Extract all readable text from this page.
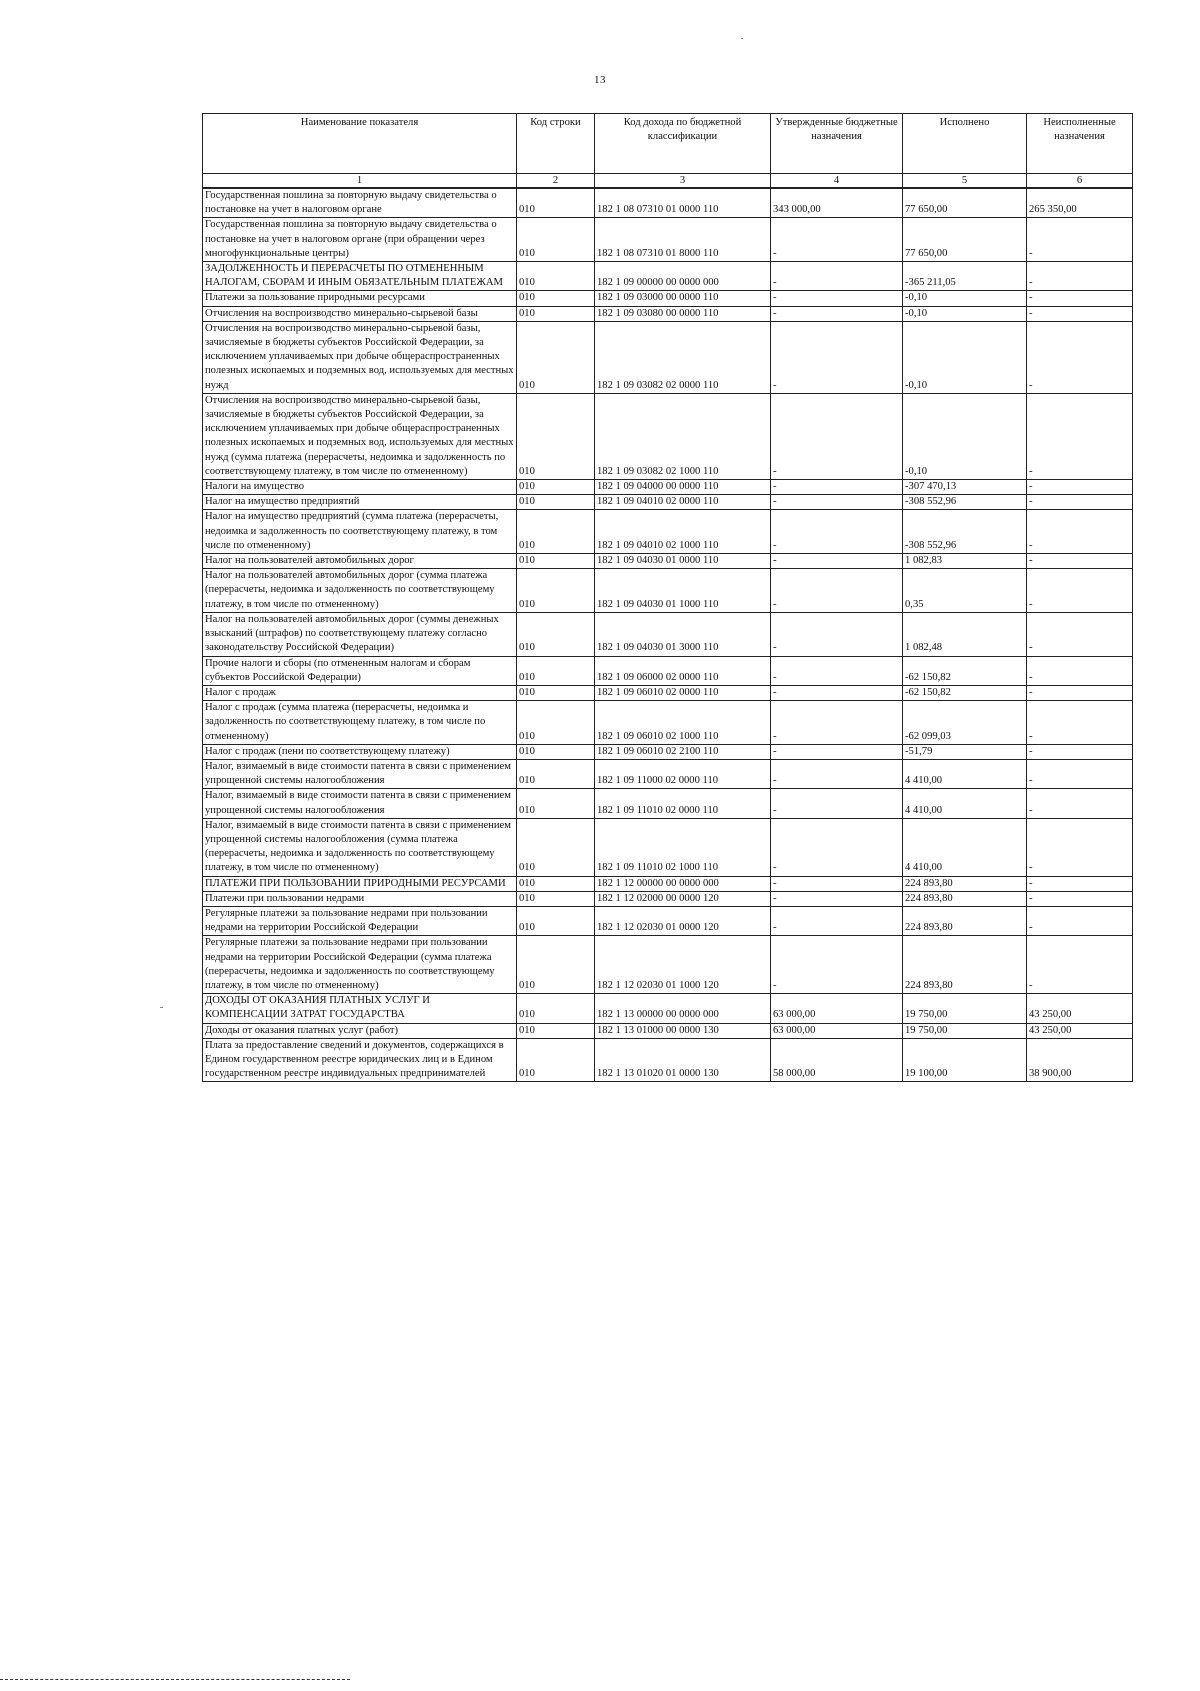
13
Наименование показателя	Код строки	Код дохода по бюджетной классификации	Утвержденные бюджетные назначения	Исполнено	Неисполненные назначения
1	2	3	4	5	6
Государственная пошлина за повторную выдачу свидетельства о постановке на учет в налоговом органе	010	182 1 08 07310 01 0000 110	343 000,00	77 650,00	265 350,00
Государственная пошлина за повторную выдачу свидетельства о постановке на учет в налоговом органе (при обращении через многофункциональные центры)	010	182 1 08 07310 01 8000 110	-	77 650,00	-
ЗАДОЛЖЕННОСТЬ И ПЕРЕРАСЧЕТЫ ПО ОТМЕНЕННЫМ НАЛОГАМ, СБОРАМ И ИНЫМ ОБЯЗАТЕЛЬНЫМ ПЛАТЕЖАМ	010	182 1 09 00000 00 0000 000	-	-365 211,05	-
Платежи за пользование природными ресурсами	010	182 1 09 03000 00 0000 110	-	-0,10	-
Отчисления на воспроизводство минерально-сырьевой базы	010	182 1 09 03080 00 0000 110	-	-0,10	-
Отчисления на воспроизводство минерально-сырьевой базы, зачисляемые в бюджеты субъектов Российской Федерации, за исключением уплачиваемых при добыче общераспространенных полезных ископаемых и подземных вод, используемых для местных нужд	010	182 1 09 03082 02 0000 110	-	-0,10	-
Отчисления на воспроизводство минерально-сырьевой базы, зачисляемые в бюджеты субъектов Российской Федерации, за исключением уплачиваемых при добыче общераспространенных полезных ископаемых и подземных вод, используемых для местных нужд (сумма платежа (перерасчеты, недоимка и задолженность по соответствующему платежу, в том числе по отмененному)	010	182 1 09 03082 02 1000 110	-	-0,10	-
Налоги на имущество	010	182 1 09 04000 00 0000 110	-	-307 470,13	-
Налог на имущество предприятий	010	182 1 09 04010 02 0000 110	-	-308 552,96	-
Налог на имущество предприятий (сумма платежа (перерасчеты, недоимка и задолженность по соответствующему платежу, в том числе по отмененному)	010	182 1 09 04010 02 1000 110	-	-308 552,96	-
Налог на пользователей автомобильных дорог	010	182 1 09 04030 01 0000 110	-	1 082,83	-
Налог на пользователей автомобильных дорог (сумма платежа (перерасчеты, недоимка и задолженность по соответствующему платежу, в том числе по отмененному)	010	182 1 09 04030 01 1000 110	-	0,35	-
Налог на пользователей автомобильных дорог (суммы денежных взысканий (штрафов) по соответствующему платежу согласно законодательству Российской Федерации)	010	182 1 09 04030 01 3000 110	-	1 082,48	-
Прочие налоги и сборы (по отмененным налогам и сборам субъектов Российской Федерации)	010	182 1 09 06000 02 0000 110	-	-62 150,82	-
Налог с продаж	010	182 1 09 06010 02 0000 110	-	-62 150,82	-
Налог с продаж (сумма платежа (перерасчеты, недоимка и задолженность по соответствующему платежу, в том числе по отмененному)	010	182 1 09 06010 02 1000 110	-	-62 099,03	-
Налог с продаж (пени по соответствующему платежу)	010	182 1 09 06010 02 2100 110	-	-51,79	-
Налог, взимаемый в виде стоимости патента в связи с применением упрощенной системы налогообложения	010	182 1 09 11000 02 0000 110	-	4 410,00	-
Налог, взимаемый в виде стоимости патента в связи с применением упрощенной системы налогообложения	010	182 1 09 11010 02 0000 110	-	4 410,00	-
Налог, взимаемый в виде стоимости патента в связи с применением упрощенной системы налогообложения (сумма платежа (перерасчеты, недоимка и задолженность по соответствующему платежу, в том числе по отмененному)	010	182 1 09 11010 02 1000 110	-	4 410,00	-
ПЛАТЕЖИ ПРИ ПОЛЬЗОВАНИИ ПРИРОДНЫМИ РЕСУРСАМИ	010	182 1 12 00000 00 0000 000	-	224 893,80	-
Платежи при пользовании недрами	010	182 1 12 02000 00 0000 120	-	224 893,80	-
Регулярные платежи за пользование недрами при пользовании недрами на территории Российской Федерации	010	182 1 12 02030 01 0000 120	-	224 893,80	-
Регулярные платежи за пользование недрами при пользовании недрами на территории Российской Федерации (сумма платежа (перерасчеты, недоимка и задолженность по соответствующему платежу, в том числе по отмененному)	010	182 1 12 02030 01 1000 120	-	224 893,80	-
ДОХОДЫ ОТ ОКАЗАНИЯ ПЛАТНЫХ УСЛУГ И КОМПЕНСАЦИИ ЗАТРАТ ГОСУДАРСТВА	010	182 1 13 00000 00 0000 000	63 000,00	19 750,00	43 250,00
Доходы от оказания платных услуг (работ)	010	182 1 13 01000 00 0000 130	63 000,00	19 750,00	43 250,00
Плата за предоставление сведений и документов, содержащихся в Едином государственном реестре юридических лиц и в Едином государственном реестре индивидуальных предпринимателей	010	182 1 13 01020 01 0000 130	58 000,00	19 100,00	38 900,00
